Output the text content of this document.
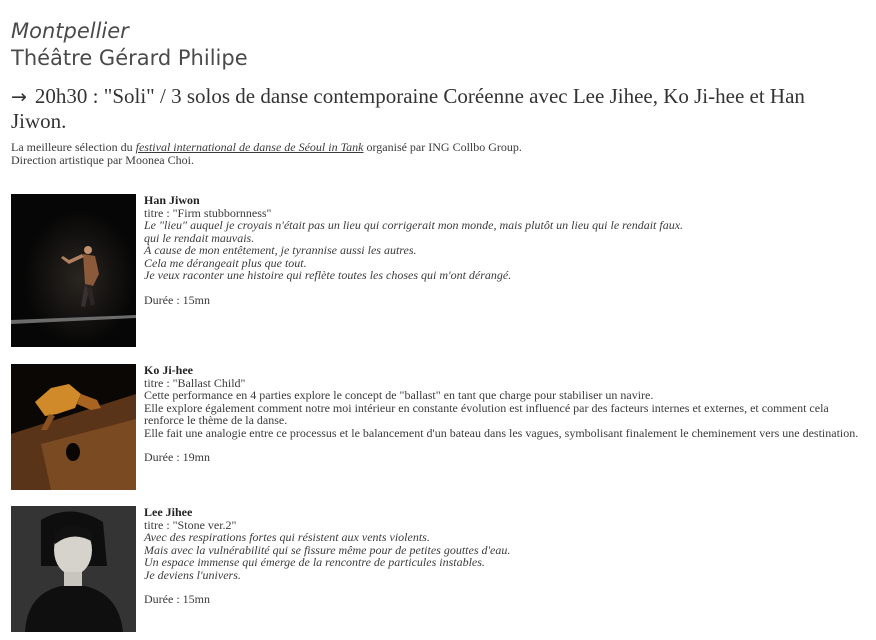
Montpellier
Théâtre Gérard Philipe
→ 20h30 : "Soli" / 3 solos de danse contemporaine Coréenne avec Lee Jihee, Ko Ji-hee et Han Jiwon.
La meilleure sélection du festival international de danse de Séoul in Tank organisé par ING Collbo Group.
Direction artistique par Moonea Choi.
Han Jiwon
titre : "Firm stubbornness"
Le "lieu" auquel je croyais n'était pas un lieu qui corrigerait mon monde, mais plutôt un lieu qui le rendait faux.
qui le rendait mauvais.
À cause de mon entêtement, je tyrannise aussi les autres.
Cela me dérangeait plus que tout.
Je veux raconter une histoire qui reflète toutes les choses qui m'ont dérangé.
Durée : 15mn
Ko Ji-hee
titre : "Ballast Child"
Cette performance en 4 parties explore le concept de "ballast" en tant que charge pour stabiliser un navire.
Elle explore également comment notre moi intérieur en constante évolution est influencé par des facteurs internes et externes, et comment cela renforce le thème de la danse.
Elle fait une analogie entre ce processus et le balancement d'un bateau dans les vagues, symbolisant finalement le cheminement vers une destination.
Durée : 19mn
Lee Jihee
titre : "Stone ver.2"
Avec des respirations fortes qui résistent aux vents violents.
Mais avec la vulnérabilité qui se fissure même pour de petites gouttes d'eau.
Un espace immense qui émerge de la rencontre de particules instables.
Je deviens l'univers.
Durée : 15mn
